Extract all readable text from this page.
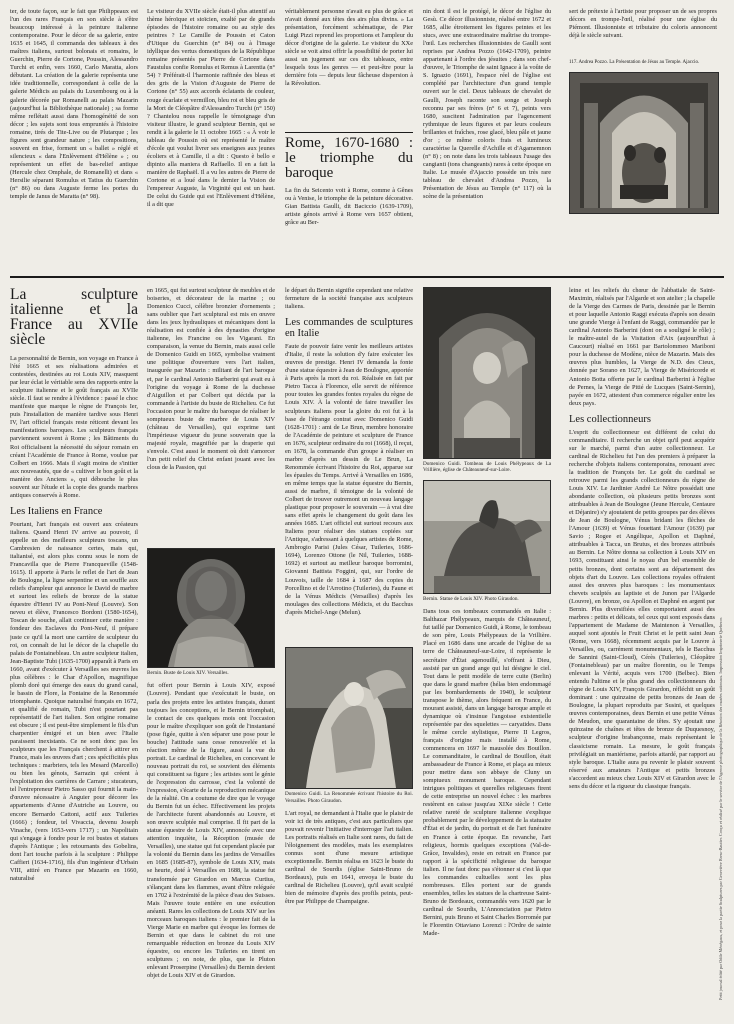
ter, de toute façon, sur le fait que Philippeaux est l'un des rares Français en son siècle à s'être beaucoup intéressé à la peinture italienne contemporaine. Pour le décor de sa galerie, entre 1635 et 1645, il commanda des tableaux à des maîtres italiens, surtout bolonais et romains, le Guerchin, Pierre de Cortone, Poussin, Alessandro Turchi et enfin, vers 1660, Carlo Maratta, alors débutant. La création de la galerie représenta une idée traditionnelle, correspondant à celle de la galerie Médicis au palais du Luxembourg ou à la galerie décorée par Romanelli au palais Mazarin (aujourd'hui la Bibliothèque nationale) ; sa forme même reflétait aussi dans l'homogénéité de son décor ; les sujets sont tous empruntés à l'histoire romaine, tirés de Tite-Live ou de Plutarque ; les figures sont grandeur nature ; les compositions, souvent en frise, forment un « ballet » réglé et silencieux « dans l'Enlèvement d'Hélène » ; ou représentent un effet de bas-relief antique (Hercule chez Omphale, de Romanelli) et dans « Hersilie séparant Romulus et Tatius du Guerchin (n° 86) ou dans Auguste ferme les portes du temple de Janus de Maratta (n° 98).

Le visiteur du XVIIe siècle était-il plus attentif au thème héroïque et stoïcien, exalté par de grands épisodes de l'histoire romaine ou au style des peintres ? Le Camille de Poussin et Caton d'Utique du Guerchin (n° 84) ou à l'image idyllique des vertus domestiques de la République romaine présentés par Pierre de Cortone dans Faustulus confie Romulus et Remus à Larentia (n° 54) ? Préférait-il l'harmonie raffinée des bleus et des gris de la Vision d'Auguste de Pierre de Cortone (n° 55) aux accords éclatants de couleur, rouge écarlate et vermillon, bleu roi et bleu gris de la Mort de Cléopâtre d'Alessandro Turchi (n° 150) ? Chantelou nous rappelle le témoignage d'un visiteur illustre, le grand sculpteur Bernin, qui se rendit à la galerie le 11 octobre 1665 : « À voir le tableau de Poussin où est représenté le maître d'école qui voulut livrer ses enseignes aux jeunes écoliers et à Camille, il a dit : Questo è bello e dipinto alla maniera di Raffaello. Il en a fait la manière de Raphaël. Il a vu les autres de Pierre de Cortone et a loué dans le dernier la Vision de l'empereur Auguste, la Virginité qui est un haut. De celui du Guide qui est l'Enlèvement d'Hélène, il a dit que

véritablement personne n'avait eu plus de grâce et n'avait donné aux têtes des airs plus divins. » La présentation, forcément schématique, de Pier Luigi Pizzi reprend les proportions et l'ampleur du décor d'origine de la galerie. Le visiteur du XXe siècle se voit ainsi offrir la possibilité de porter lui aussi un jugement sur ces dix tableaux, entre lesquels tous les genres — et peut-être pour la dernière fois — depuis leur fâcheuse dispersion à la Révolution.

Rome, 1670-1680 : le triomphe du baroque

La fin du Seicento voit à Rome, comme à Gênes ou à Venise, le triomphe de la peinture décorative. Gian Battista Gaulli, dit Baciccio (1639-1709), artiste génois arrivé à Rome vers 1657 obtient, grâce au Ber-

nin dont il est le protégé, le décor de l'église du Gesù. Ce décor illusionniste, réalisé entre 1672 et 1685, allie étroitement les figures peintes et les stucs, avec une extraordinaire maîtrise du trompe-l'œil. Les recherches illusionnistes de Gaulli sont reprises par Andrea Pozzo (1642-1709), peintre appartenant à l'ordre des jésuites ; dans son chef-d'œuvre, le Triomphe de saint Ignace à la voûte de S. Ignazio (1691), l'espace réel de l'église est complété par l'architecture d'un grand temple ouvert sur le ciel. Deux tableaux de chevalet de Gaulli, Joseph raconte son songe et Joseph reconnu par ses frères (n° 6 et 7), peints vers 1680, suscitent l'admiration par l'agencement rythmique de leurs figures et par leurs couleurs brillantes et fraîches, rose glacé, bleu pâle et jaune d'or ; ce même coloris frais et lumineux caractérise la Querelle d'Achille et d'Agamemnon (n° 8) ; on note dans les trois tableaux l'usage des cangianti (tons changeants) rares à cette époque en Italie. Le musée d'Ajaccio possède un très rare tableau de chevalet d'Andrea Pozzo, la Présentation de Jésus au Temple (n° 117) où la scène de la présentation

sert de prétexte à l'artiste pour proposer un de ses propres décors en trompe-l'œil, réalisé pour une église du Piémont. Illusionniste et tributaire du coloris annoncent déjà le siècle suivant.

117. Andrea Pozzo. La Présentation de Jésus au Temple. Ajaccio.
La sculpture italienne et la France au XVIIe siècle

La personnalité de Bernin, son voyage en France à l'été 1665 et ses réalisations admirées et contestées, destinées au roi Louis XIV, masquent par leur éclat le véritable sens des rapports entre la sculpture italienne et le goût français au XVIIe siècle. Il faut se rendre à l'évidence : passé le choc manifeste que marque le règne de François Ier, puis l'installation de manière tardive sous Henri IV, l'art officiel français reste réticent devant les manifestations baroques. Les sculpteurs français parviennent souvent à Rome ; les Bâtiments du Roi officialisent la nécessité du séjour romain en créant l'Académie de France à Rome, voulue par Colbert en 1666. Mais il s'agit moins de s'initier aux nouveautés, que de « cultiver le bon goût et la manière des Anciens », qui débouche le plus souvent sur l'étude et la copie des grands marbres antiques conservés à Rome.

Les Italiens en France

Pourtant, l'art français est ouvert aux créateurs italiens. Quand Henri IV arrive au pouvoir, il appelle un des meilleurs sculpteurs toscans, un Cambresien de naissance certes, mais qui, italianisé, est alors plus connu sous le nom de Francavilla que de Pierre Francqueville (1548-1615). Il apporte à Paris le reflet de l'art de Jean de Boulogne, la ligne serpentine et un souffle aux reliefs d'ampleur qui annonce le David de marbre et surtout les reliefs de bronze de la statue équestre d'Henri IV au Pont-Neuf (Louvre). Son neveu et élève, Francesco Bordoni (1580-1654), Toscan de souche, allait continuer cette manière : fondeur des Esclaves du Pont-Neuf, il prépare juste ce qu'il la mort une carrière de sculpteur du roi, on connaît de lui le décor de la chapelle du palais de Fontainebleau. Un autre sculpteur italien, Jean-Baptiste Tubi (1635-1700) apparaît à Paris en 1660, avant d'exécuter à Versailles ses œuvres les plus célèbres : le Char d'Apollon, magnifique plomb doré qui émerge des eaux du grand canal, le bassin de Flore, la Fontaine de la Renommée triomphante. Quoique naturalisé français en 1672, et qualifié de romain, Tubi n'est pourtant pas représentatif de l'art italien. Son origine romaine est obscure ; il est peut-être simplement le fils d'un charpentier émigré et un bien avec l'Italie paraissent inexistants. Ce ne sont donc pas les sculpteurs que les Français cherchent à attirer en France, mais les œuvres d'art ; ces spécificités plus techniques : marbriers, tels les Mesard (Marcello) ou bien les génois, Sarrazin qui créent à l'exploitation des carrières de Carrare ; stucateurs, tel l'entrepreneur Pietro Sasso qui fournit la main-d'œuvre nécessaire à Anguier pour décorer les appartements d'Anne d'Autriche au Louvre, ou encore Bernardo Cattoni, actif aux Tuileries (1666) ; fondeur, tel Vivaccia, devenu Joseph Vinache, (vers 1653-vers 1717) ; un Napolitain qui s'engage à fondre pour le roi bustes et statues d'après l'Antique ; les retournants des Gobelins, dont l'art touche parfois à la sculpture : Philippe Caffieri (1634-1716), fils d'un ingénieur d'Urbain VIII, attiré en France par Mazarin en 1660, naturalisé

en 1665, qui fut surtout sculpteur de meubles et de boiseries, et décorateur de la marine ; ou Domenico Cucci, célèbre bronzier d'ornements ; sans oublier que l'art sculptural est mis en œuvre dans les jeux hydrauliques et mécaniques dont la réalisation est confiée à des dynasties d'origine italienne, les Francine ou les Vigarani. En comparaison, la venue du Bernin, mais aussi celle de Domenico Guidi en 1665, symbolise vraiment une politique d'ouverture vers l'art italien, inaugurée par Mazarin : militant de l'art baroque et, par le cardinal Antonio Barberini qui avait eu à l'origine du voyage à Rome de la duchesse d'Aiguillon et par Colbert qui décida par la commande à l'artiste du buste de Richelieu. Ce fut l'occasion pour le maître du baroque de réaliser le somptueux buste de marbre de Louis XIV (château de Versailles), qui exprime tant l'impérieuse vigueur du jeune souverain que la majesté royale, magnifiée par la draperie qui s'envole. C'est aussi le moment où doit s'amorcer l'un petit relief du Christ enfant jouant avec les clous de la Passion, qui

Bernin. Buste de Louis XIV. Versailles.

fut offert pour Bernin à Louis XIV, exposé (Louvre). Pendant que s'exécutait le buste, on parla des projets entre les artistes français, durant toujours les conceptions, et le Bernin triomphait, le contact de ces quelques mois ont l'occasion pour le maître d'expliquer son goût de l'instantané (pose figée, quitte à s'en séparer une pose pour le bouche) l'attitude sans cesse renouvelée et la réaction même de la figure, aussi la vue du portrait. Le cardinal de Richelieu, en concevant le nouveau portrait du roi, se souvient des éléments qui constituent sa figure ; les artistes sont le génie de l'expression du carrosse, c'est la volonté de l'expression, s'écarte de la reproduction mécanique de la réalité. On a coutume de dire que le voyage du Bernin fut un échec. Effectivement les projets de l'architecte furent abandonnés au Louvre, et son œuvre sculptée mal comprise. Il fit part de la statue équestre de Louis XIV, annoncée avec une attention inquiète, la Réception (musée de Versailles), une statue qui fut cependant placée par la volonté du Bernin dans les jardins de Versailles en 1685 (1685-87), symbole de Louis XIV, mais se heurte, doté à Versailles en 1688, la statue fut transformée par Girardon en Marcus Curtius, s'élançant dans les flammes, avant d'être reléguée en 1702 à l'extrémité de la pièce d'eau des Suisses. Mais l'œuvre toute entière en une exécution anéanti. Rares les collections de Louis XIV sur les morceaux baroques italiens : le premier fait de la Vierge Marie en marbre qui évoque les formes de Bernin et que dans le cabinet du roi une remarquable réduction en bronze du Louis XIV équestre, ou encore les Tuileries en tirent en sculptures ; on note, de plus, que le Pluton enlevant Proserpine (Versailles) du Bernin devient objet de Louis XIV et de Girardon.

le départ du Bernin signifie cependant une relative fermeture de la société française aux sculpteurs italiens.

Les commandes de sculptures en Italie

Faute de pouvoir faire venir les meilleurs artistes d'Italie, il reste la solution d'y faire exécuter les œuvres de prestige. Henri IV demanda la fonte d'une statue équestre à Jean de Boulogne, apportée à Paris après la mort du roi. Réalisée en fait par Pietro Tacca à Florence, elle servit de référence pour toutes les grandes fontes royales du règne de Louis XIV. À la volonté de faire travailler les sculpteurs italiens pour la gloire du roi fut à la base de l'étrange contrat avec Domenico Guidi (1628-1701) : ami de Le Brun, membre honoraire de l'Académie de peinture et sculpture de France en 1676, sculpteur ordinaire du roi (1668), il reçut, en 1678, la commande d'un groupe à réaliser en marbre d'après un dessin de Le Brun, La Renommée écrivant l'histoire du Roi, apparue sur les épaules du Temps. Arrivé à Versailles en 1686, en même temps que la statue équestre du Bernin, aussi de marbre, il témoigne de la volonté de Colbert de trouver outremont un nouveau langage plastique pour proposer le souverain — à vrai dire sans effet après le changement du goût dans les années 1685. L'art officiel eut surtout recours aux Italiens pour réaliser des statues copiées sur l'Antique, s'adressant à quelques artistes de Rome, Ambrogio Parisi (Jules César, Tuileries, 1686-1694), Lorenzo Ottone (le Nil, Tuileries, 1688-1692) et surtout au meilleur baroque borromini, Giovanni Battista Foggini, qui, sur l'ordre de Louvois, taille de 1684 à 1687 des copies du Porcellino et de l'Arrotino (Tuileries), du Faune et de la Vénus Médicis (Versailles) d'après les moulages des collections Médicis, et du Bacchus d'après Michel-Ange (Melun).

Domenico Guidi. La Renommée écrivant l'histoire du Roi. Versailles. Photo Giraudon.

L'art royal, ne demandant à l'Italie que le plaisir de voir ici de très antiques, c'est aux particuliers que pouvait revenir l'initiative d'interroger l'art italien. Les portraits réalisés en Italie sont rares, du fait de l'éloignement des modèles, mais les exemplaires connus sont d'une mesure artistique exceptionnelle. Bernin réalisa en 1623 le buste du cardinal de Sourdis (église Saint-Bruno de Bordeaux), puis en 1641, envoya le buste du cardinal de Richelieu (Louvre), qu'il avait sculpté bien de mémoire d'après des profils peints, peut-être par Philippe de Champaigne.

Domenico Guidi. Tombeau de Louis Phélypeaux de La Vrillière, église de Châteauneuf-sur-Loire.
Bernin. Statue de Louis XIV. Photo Giraudon.

Dans tous ces tombeaux commandés en Italie : Balthazar Phélypeaux, marquis de Châteauneuf, fut taillé par Domenico Guidi, à Rome, le tombeau de son père, Louis Phélypeaux de la Vrillière. Placé en 1686 dans une arcade de l'église de sa terre de Châteauneuf-sur-Loire, il représente le secrétaire d'État agenouillé, s'offrant à Dieu, assisté par un grand ange qui lui désigne le ciel. Tout dans le petit modèle de terre cuite (Berlin) que dans le grand marbre (hélas bien endommagé par les bombardements de 1940), le sculpteur transpose le thème, alors fréquent en France, du mourant assisté, dans un langage baroque ample et dynamique où s'insinue l'angoisse existentielle représentée par des squelettes — caryatides. Dans le même cercle stylistique, Pierre II Legros, français d'origine mais installé à Rome, commencera en 1697 le mausolée des Bouillon. Le commanditaire, le cardinal de Bouillon, était ambassadeur de France à Rome, et plaça au mieux pour mettre dans son abbaye de Cluny un somptueux monument baroque. Cependant intrigues politiques et querelles religieuses firent de cette entreprise un nouvel échec : les marbres restèrent en caisse jusqu'au XIXe siècle ! Cette relative rareté de sculpture italienne s'explique probablement par le développement de la statuaire d'État et de jardin, du portrait et de l'art funéraire en France à cette époque. En revanche, l'art religieux, hormis quelques exceptions (Val-de-Grâce, Invalides), reste en retrait en France par rapport à la spécificité religieuse du baroque italien. Il ne faut donc pas s'étonner si c'est là que les commandes cultuelles sont les plus nombreuses. Elles portent sur de grands ensembles, telles les statues de la chartreuse Saint-Bruno de Bordeaux, commandés vers 1620 par le cardinal de Sourdis, L'Annonciation par Pietro Bernini, puis Bruno et Saint Charles Borromée par le Florentin Ottaviano Lorenzi : l'Ordre de sainte Made-

leine et les reliefs du chœur de l'abbatiale de Saint-Maximin, réalisés par l'Algarde et son atelier ; la chapelle de la Vierge des Carmes de Paris, dessinée par le Bernin et pour laquelle Antonio Raggi exécuta d'après son dessin une grande Vierge à l'enfant de Raggi, commandée par le cardinal Antonio Barberini (dont on a souligné le rôle) ; le maître-autel de la Visitation d'Aix (aujourd'hui à Caucourt) réalisé en 1661 par Bartolommeo Mariboni pour la duchesse de Modène, nièce de Mazarin. Mais des œuvres plus humbles, la Vierge de N.D. des Cieux, donnée par Sorano en 1627, la Vierge de Miséricorde et Antonio Botta offerte par le cardinal Barberini à l'église de Pernes, la Vierge de Pitié de Lucques (Saint-Sernin), payée en 1672, attestent d'un commerce régulier entre les deux pays.

Les collectionneurs

L'esprit du collectionneur est différent de celui du commanditaire. Il recherche un objet qu'il peut acquérir sur le marché, parmi d'un autre collectionneur. Le cardinal de Richelieu fut l'un des premiers à préparer la recherche d'objets italiens contemporains, renouant avec la tradition de François Ier. Le goût du cardinal se retrouve parmi les grands collectionneurs du règne de Louis XIV. Le Jardinier André Le Nôtre possédait une abondante collection, où plusieurs petits bronzes sont attribuables à Jean de Boulogne (Jeune Hercule, Centaure et Déjanire) s'y ajoutaient de petits groupes par des élèves de Jean de Boulogne, Vénus bridant les flèches de l'Amour (1639) et Vénus fouettant l'Amour (1639) par Savio ; Rogee et Angélique, Apollon et Daphné, attribuables à Tacca, un Brutus, et des bronzes attribués au Bernin. Le Nôtre donna sa collection à Louis XIV en 1693, constituant ainsi le noyau d'un bel ensemble de petits bronzes, dont certains sont au département des objets d'art du Louvre. Les collections royales offraient aussi des œuvres plus baroques : les monumentaux chevets sculptés au laptiste et de Junon par l'Algarde (Louvre), en bronze, ou Apollon et Daphné en argent par Bernin. Plus diversifiées elles comportaient aussi des marbres : petits et délicats, tel ceux qui sont exposés dans l'appartement de Madame de Maintenon à Versailles, auquel sont ajoutés le Fruit Christ et le petit saint Jean (Rome, vers 1668), récemment acquis par le Louvre à Versailles, ou, carrément monumentaux, tels le Bacchus de Sannini (Saint-Cloud), Cérès (Tuileries), Cléopâtre (Fontainebleau) par un maître florentin, ou le Temps enlevant la Vérité, acquis vers 1700 (Belbec). Bien entendu l'ultime et le plus grand des collectionneurs du règne de Louis XIV, François Girardon, réfléchit un goût dominant : une quinzaine de petits bronzes de Jean de Boulogne, la plupart reproduits par Susini, et quelques œuvres contemporaines, deux Bernin et une petite Vénus de Meudon, une quarantaine de têtes. S'y ajoutait une quinzaine de chaînes et têtes de bronze de Duquesnoy, sculpteur d'origine brabançonne, mais représentant le classicisme romain. La mesure, le goût français privilégiait un maniérisme, parfois attardé, par rapport au style baroque. L'Italie aura pu revenir le plaisir souvent réservé aux amateurs l'Antique et petits bronzes s'accordent au mieux chez Louis XIV et Girardon avec le sens du décor et la rigueur du classique français.	Petit journal édité par Odile Ménégaux, et pour la partie Sculptures par Geneviève Bresc-Bautier. Conçu et réalisé par le service de l'Agence photographique de la Réunion des musées nationaux. Impression Imprimerie Quebecor.
